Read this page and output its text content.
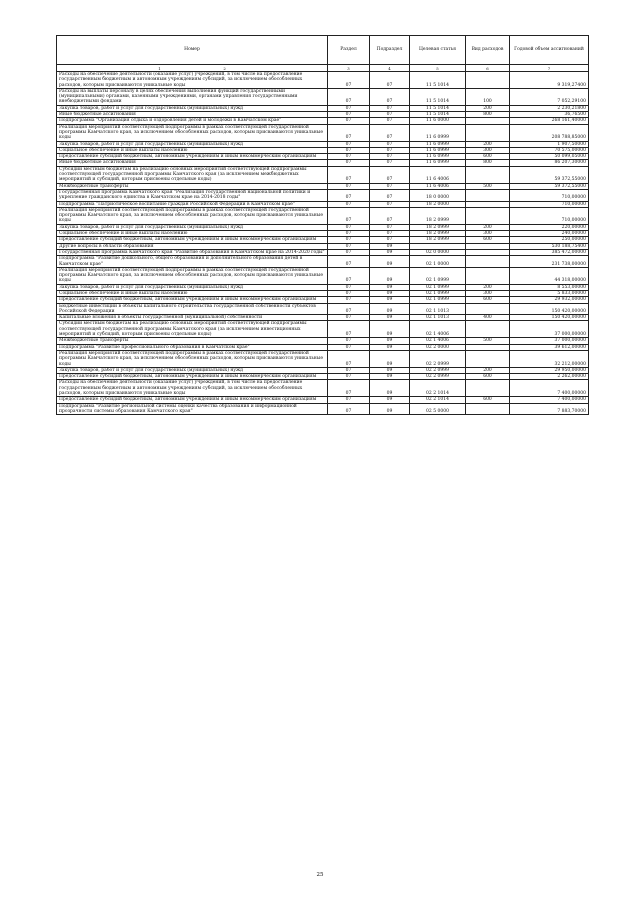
Номер	Раздел	Подраздел	Целевая статья	Вид расходов	Годовой объем ассигнований
1 2	3	4	5	6	7
Расходы на обеспечение деятельности (оказание услуг) учреждений, в том числе на предоставление государственным бюджетным и автономным учреждениям субсидий, за исключением обособленных расходов, которым присваиваются уникальные коды	07	07	11 5 1014		9 319,27400
Расходы на выплаты персоналу в целях обеспечения выполнения функций государственными (муниципальными) органами, казенными учреждениями, органами управления государственными внебюджетными фондами	07	07	11 5 1014	100	7 052,29100
Закупка товаров, работ и услуг для государственных (муниципальных) нужд	07	07	11 5 1014	200	2 230,21800
Иные бюджетные ассигнования	07	07	11 5 1014	800	36,76500
Подпрограмма "Организация отдыха и оздоровления детей и молодежи в Камчатском крае"	07	07	11 6 0000		268 161,40000
Реализация мероприятий соответствующей подпрограммы в рамках соответствующей государственной программы Камчатского края, за исключением обособленных расходов, которым присваиваются уникальные коды	07	07	11 6 0999		208 788,85000
Закупка товаров, работ и услуг для государственных (муниципальных) нужд	07	07	11 6 0999	200	1 907,50000
Социальное обеспечение и иные выплаты населению	07	07	11 6 0999	300	70 575,00000
Предоставление субсидий бюджетным, автономным учреждениям и иным некоммерческим организациям	07	07	11 6 0999	600	50 099,05000
Иные бюджетные ассигнования	07	07	11 6 0999	800	86 207,30000
Субсидии местным бюджетам на реализацию основных мероприятий соответствующей подпрограммы соответствующей государственной программы Камчатского края (за исключением межбюджетных мероприятий и субсидий, которым присвоены отдельные коды)	07	07	11 6 4006		59 372,55000
Межбюджетные трансферты	07	07	11 6 4006	500	59 372,55000
Государственная программа Камчатского края "Реализация государственной национальной политики и укрепление гражданского единства в Камчатском крае на 2014-2018 годы"	07	07	18 0 0000		710,00000
Подпрограмма "Патриотическое воспитание граждан Российской Федерации в Камчатском крае"	07	07	18 2 0000		710,00000
Реализация мероприятий соответствующей подпрограммы в рамках соответствующей государственной программы Камчатского края, за исключением обособленных расходов, которым присваиваются уникальные коды	07	07	18 2 0999		710,00000
Закупка товаров, работ и услуг для государственных (муниципальных) нужд	07	07	18 2 0999	200	220,00000
Социальное обеспечение и иные выплаты населению	07	07	18 2 0999	300	240,00000
Предоставление субсидий бюджетным, автономным учреждениям и иным некоммерческим организациям	07	07	18 2 0999	600	250,00000
Другие вопросы в области образования	07	09			530 188,75400
Государственная программа Камчатского края "Развитие образования в Камчатском крае на 2014-2020 годы"	07	09	02 0 0000		385 472,00000
Подпрограмма "Развитие дошкольного, общего образования и дополнительного образования детей в Камчатском крае"	07	09	02 1 0000		231 738,00000
Реализация мероприятий соответствующей подпрограммы в рамках соответствующей государственной программы Камчатского края, за исключением обособленных расходов, которым присваиваются уникальные коды	07	09	02 1 0999		44 318,00000
Закупка товаров, работ и услуг для государственных (муниципальных) нужд	07	09	02 1 0999	200	8 553,00000
Социальное обеспечение и иные выплаты населению	07	09	02 1 0999	300	5 833,00000
Предоставление субсидий бюджетным, автономным учреждениям и иным некоммерческим организациям	07	09	02 1 0999	600	29 932,00000
Бюджетные инвестиции в объекты капитального строительства государственной собственности субъектов Российской Федерации	07	09	02 1 1013		150 420,00000
Капитальные вложения в объекты государственной (муниципальной) собственности	07	09	02 1 1013	400	150 420,00000
Субсидии местным бюджетам на реализацию основных мероприятий соответствующей подпрограммы соответствующей государственной программы Камчатского края (за исключением инвестиционных мероприятий и субсидий, которым присвоены отдельные коды)	07	09	02 1 4006		37 000,00000
Межбюджетные трансферты	07	09	02 1 4006	500	37 000,00000
Подпрограмма "Развитие профессионального образования в Камчатском крае"	07	09	02 2 0000		39 612,00000
Реализация мероприятий соответствующей подпрограммы в рамках соответствующей государственной программы Камчатского края, за исключением обособленных расходов, которым присваиваются уникальные коды	07	09	02 2 0999		32 212,00000
Закупка товаров, работ и услуг для государственных (муниципальных) нужд	07	09	02 2 0999	200	29 950,00000
Предоставление субсидий бюджетным, автономным учреждениям и иным некоммерческим организациям	07	09	02 2 0999	600	2 262,00000
Расходы на обеспечение деятельности (оказание услуг) учреждений, в том числе на предоставление государственным бюджетным и автономным учреждениям субсидий, за исключением обособленных расходов, которым присваиваются уникальные коды	07	09	02 2 1014		7 400,00000
Предоставление субсидий бюджетным, автономным учреждениям и иным некоммерческим организациям	07	09	02 2 1014	600	7 400,00000
Подпрограмма "Развитие региональной системы оценки качества образования и информационной прозрачности системы образования Камчатского края"	07	09	02 5 0000		7 883,70000
25
